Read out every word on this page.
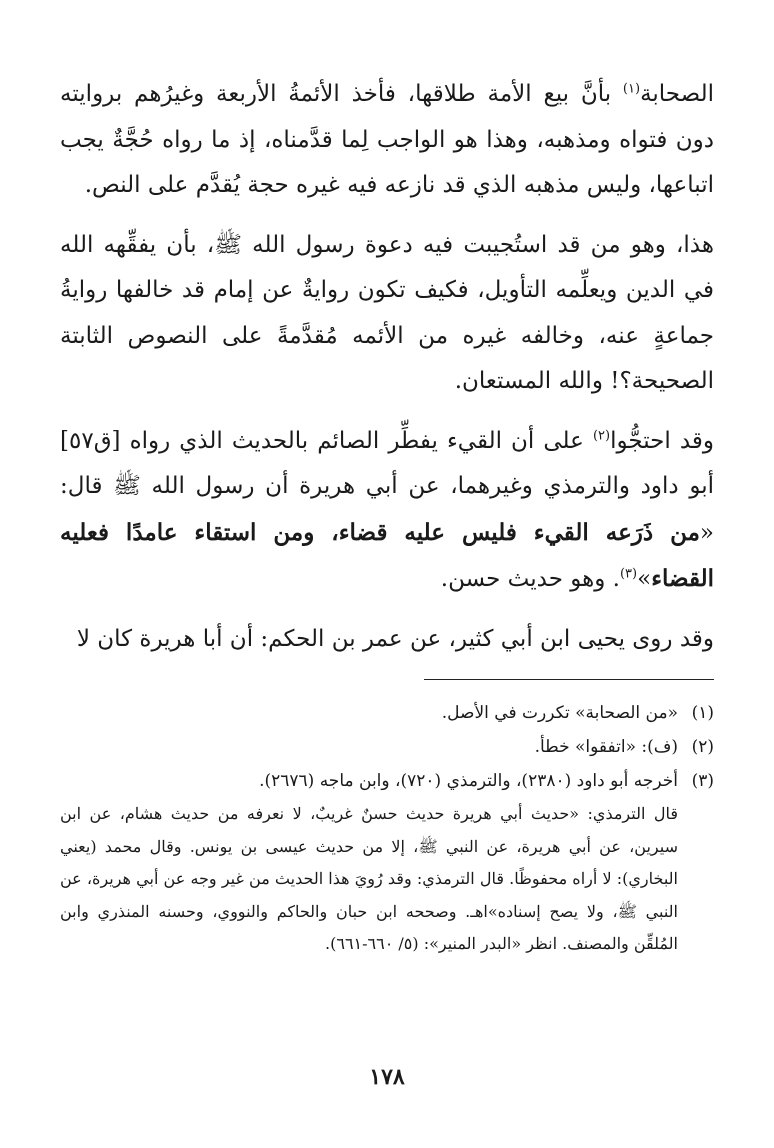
الصحابة$^{(١)}$ بأنَّ بيع الأمة طلاقها، فأخذ الأئمةُ الأربعة وغيرُهم بروايته دون فتواه ومذهبه، وهذا هو الواجب لِما قدَّمناه، إذ ما رواه حُجَّةٌ يجب اتباعها، وليس مذهبه الذي قد نازعه فيه غيره حجة يُقدَّم على النص.

هذا، وهو من قد استُجيبت فيه دعوة رسول الله ﷺ، بأن يفقِّهه الله في الدين ويعلِّمه التأويل، فكيف تكون روايةٌ عن إمام قد خالفها روايةُ جماعةٍ عنه، وخالفه غيره من الأئمه مُقدَّمةً على النصوص الثابتة الصحيحة؟! والله المستعان.

وقد احتجُّوا$^{(٢)}$ على أن القيء يفطِّر الصائم بالحديث الذي رواه [ق٥٧] أبو داود والترمذي وغيرهما، عن أبي هريرة أن رسول الله ﷺ قال: «من ذَرَعه القيء فليس عليه قضاء، ومن استقاء عامدًا فعليه القضاء»$^{(٣)}$. وهو حديث حسن.

وقد روى يحيى ابن أبي كثير، عن عمر بن الحكم: أن أبا هريرة كان لا

(١)«من الصحابة» تكررت في الأصل.

(٢)(ف): «اتفقوا» خطأ.

(٣)أخرجه أبو داود (٢٣٨٠)، والترمذي (٧٢٠)، وابن ماجه (٢٦٧٦).

قال الترمذي: «حديث أبي هريرة حديث حسنٌ غريبٌ، لا نعرفه من حديث هشام، عن ابن سيرين، عن أبي هريرة، عن النبي ﷺ، إلا من حديث عيسى بن يونس. وقال محمد (يعني البخاري): لا أراه محفوظًا. قال الترمذي: وقد رُويَ هذا الحديث من غير وجه عن أبي هريرة، عن النبي ﷺ، ولا يصح إسناده»اهـ. وصححه ابن حبان والحاكم والنووي، وحسنه المنذري وابن المُلقِّن والمصنف. انظر «البدر المنير»: (٥/ ٦٦٠-٦٦١).

١٧٨
